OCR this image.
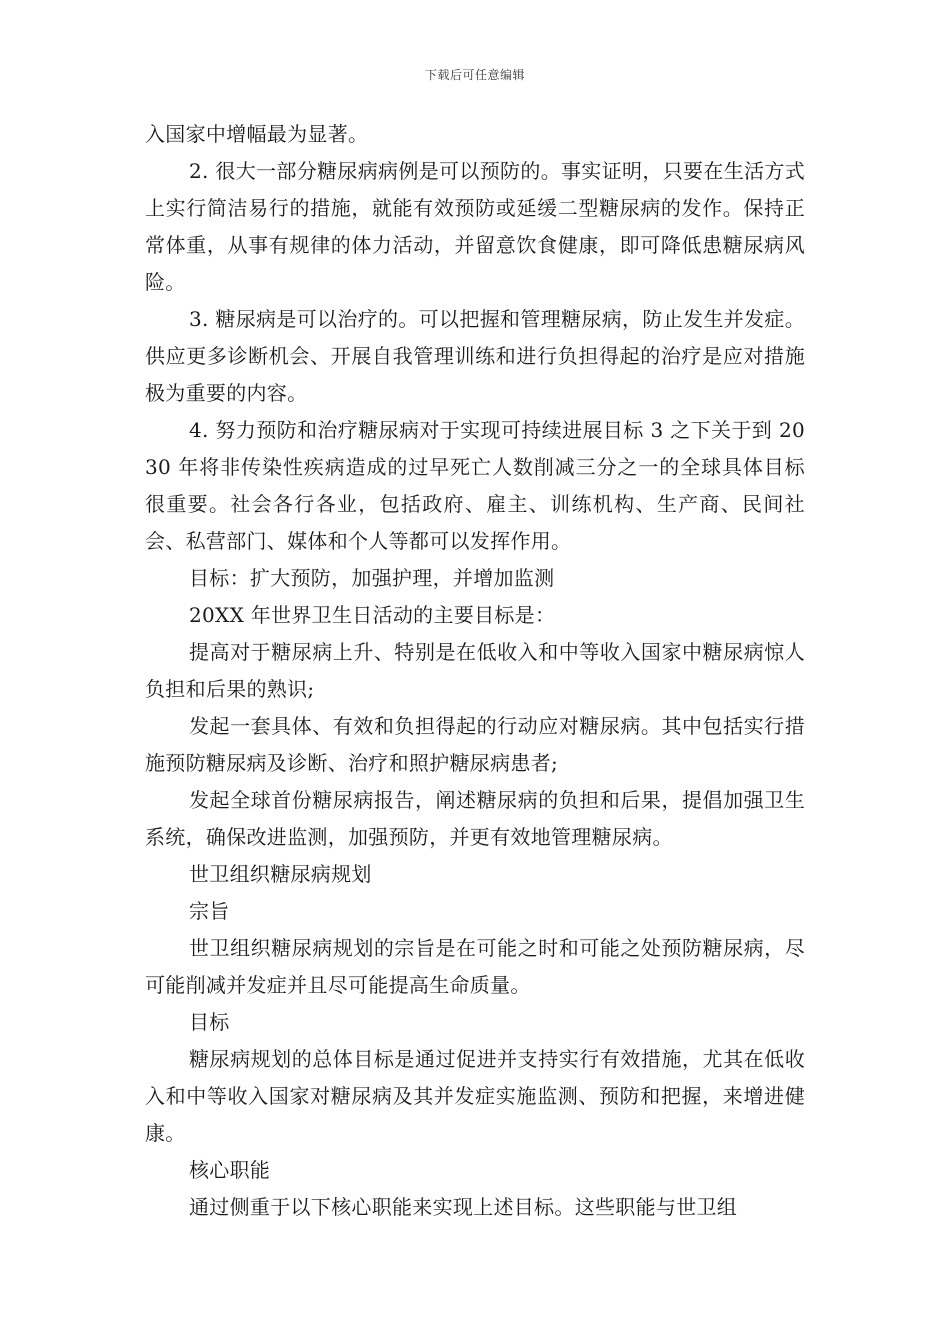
下载后可任意编辑

入国家中增幅最为显著。

2. 很大一部分糖尿病病例是可以预防的。事实证明，只要在生活方式上实行简洁易行的措施，就能有效预防或延缓二型糖尿病的发作。保持正常体重，从事有规律的体力活动，并留意饮食健康，即可降低患糖尿病风险。

3. 糖尿病是可以治疗的。可以把握和管理糖尿病，防止发生并发症。供应更多诊断机会、开展自我管理训练和进行负担得起的治疗是应对措施极为重要的内容。

4. 努力预防和治疗糖尿病对于实现可持续进展目标 3 之下关于到 2030 年将非传染性疾病造成的过早死亡人数削减三分之一的全球具体目标很重要。社会各行各业，包括政府、雇主、训练机构、生产商、民间社会、私营部门、媒体和个人等都可以发挥作用。

目标：扩大预防，加强护理，并增加监测

20XX 年世界卫生日活动的主要目标是：

提高对于糖尿病上升、特别是在低收入和中等收入国家中糖尿病惊人负担和后果的熟识;

发起一套具体、有效和负担得起的行动应对糖尿病。其中包括实行措施预防糖尿病及诊断、治疗和照护糖尿病患者;

发起全球首份糖尿病报告，阐述糖尿病的负担和后果，提倡加强卫生系统，确保改进监测，加强预防，并更有效地管理糖尿病。

世卫组织糖尿病规划

宗旨

世卫组织糖尿病规划的宗旨是在可能之时和可能之处预防糖尿病，尽可能削减并发症并且尽可能提高生命质量。

目标

糖尿病规划的总体目标是通过促进并支持实行有效措施，尤其在低收入和中等收入国家对糖尿病及其并发症实施监测、预防和把握，来增进健康。

核心职能

通过侧重于以下核心职能来实现上述目标。这些职能与世卫组
